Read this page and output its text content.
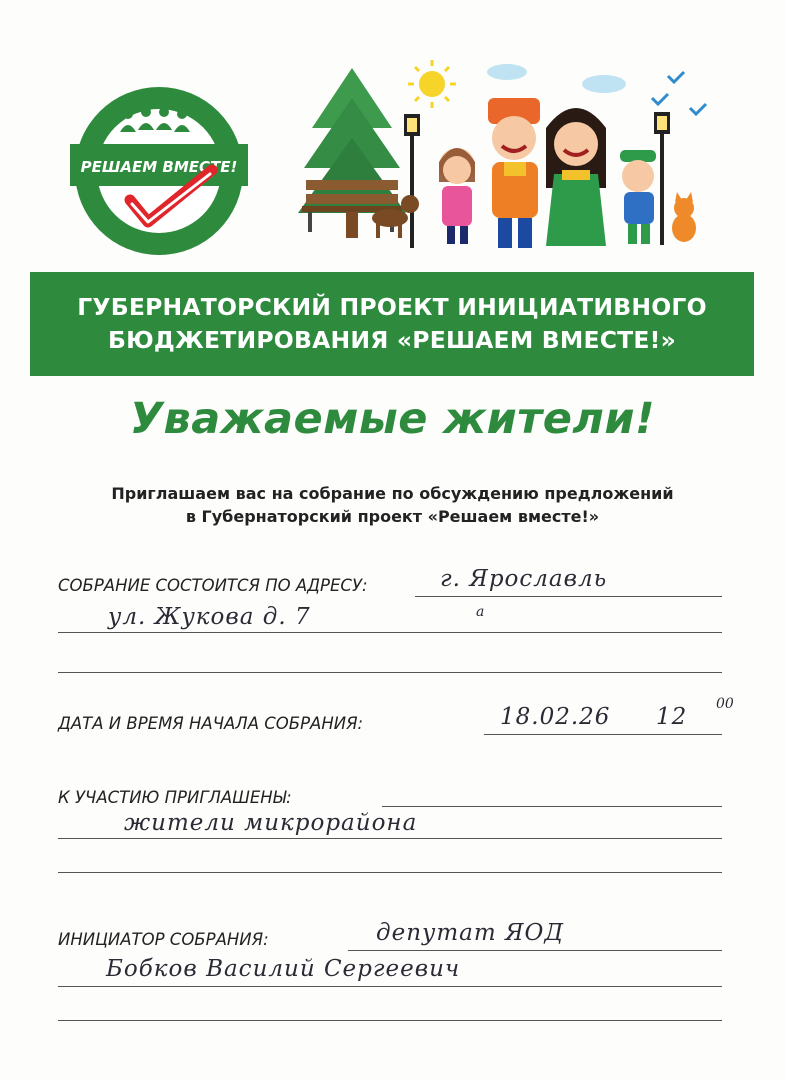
РЕШАЕМ ВМЕСТЕ!
ГУБЕРНАТОРСКИЙ ПРОЕКТ ИНИЦИАТИВНОГО
БЮДЖЕТИРОВАНИЯ «РЕШАЕМ ВМЕСТЕ!»
Уважаемые жители!
Приглашаем вас на собрание по обсуждению предложений
в Губернаторский проект «Решаем вместе!»
СОБРАНИЕ СОСТОИТСЯ ПО АДРЕСУ:	г. Ярославль
ул. Жукова д. 7	а
ДАТА И ВРЕМЯ НАЧАЛА СОБРАНИЯ:	18.02.26 12 00
К УЧАСТИЮ ПРИГЛАШЕНЫ:
жители микрорайона
ИНИЦИАТОР СОБРАНИЯ:	депутат ЯОД
Бобков Василий Сергеевич
